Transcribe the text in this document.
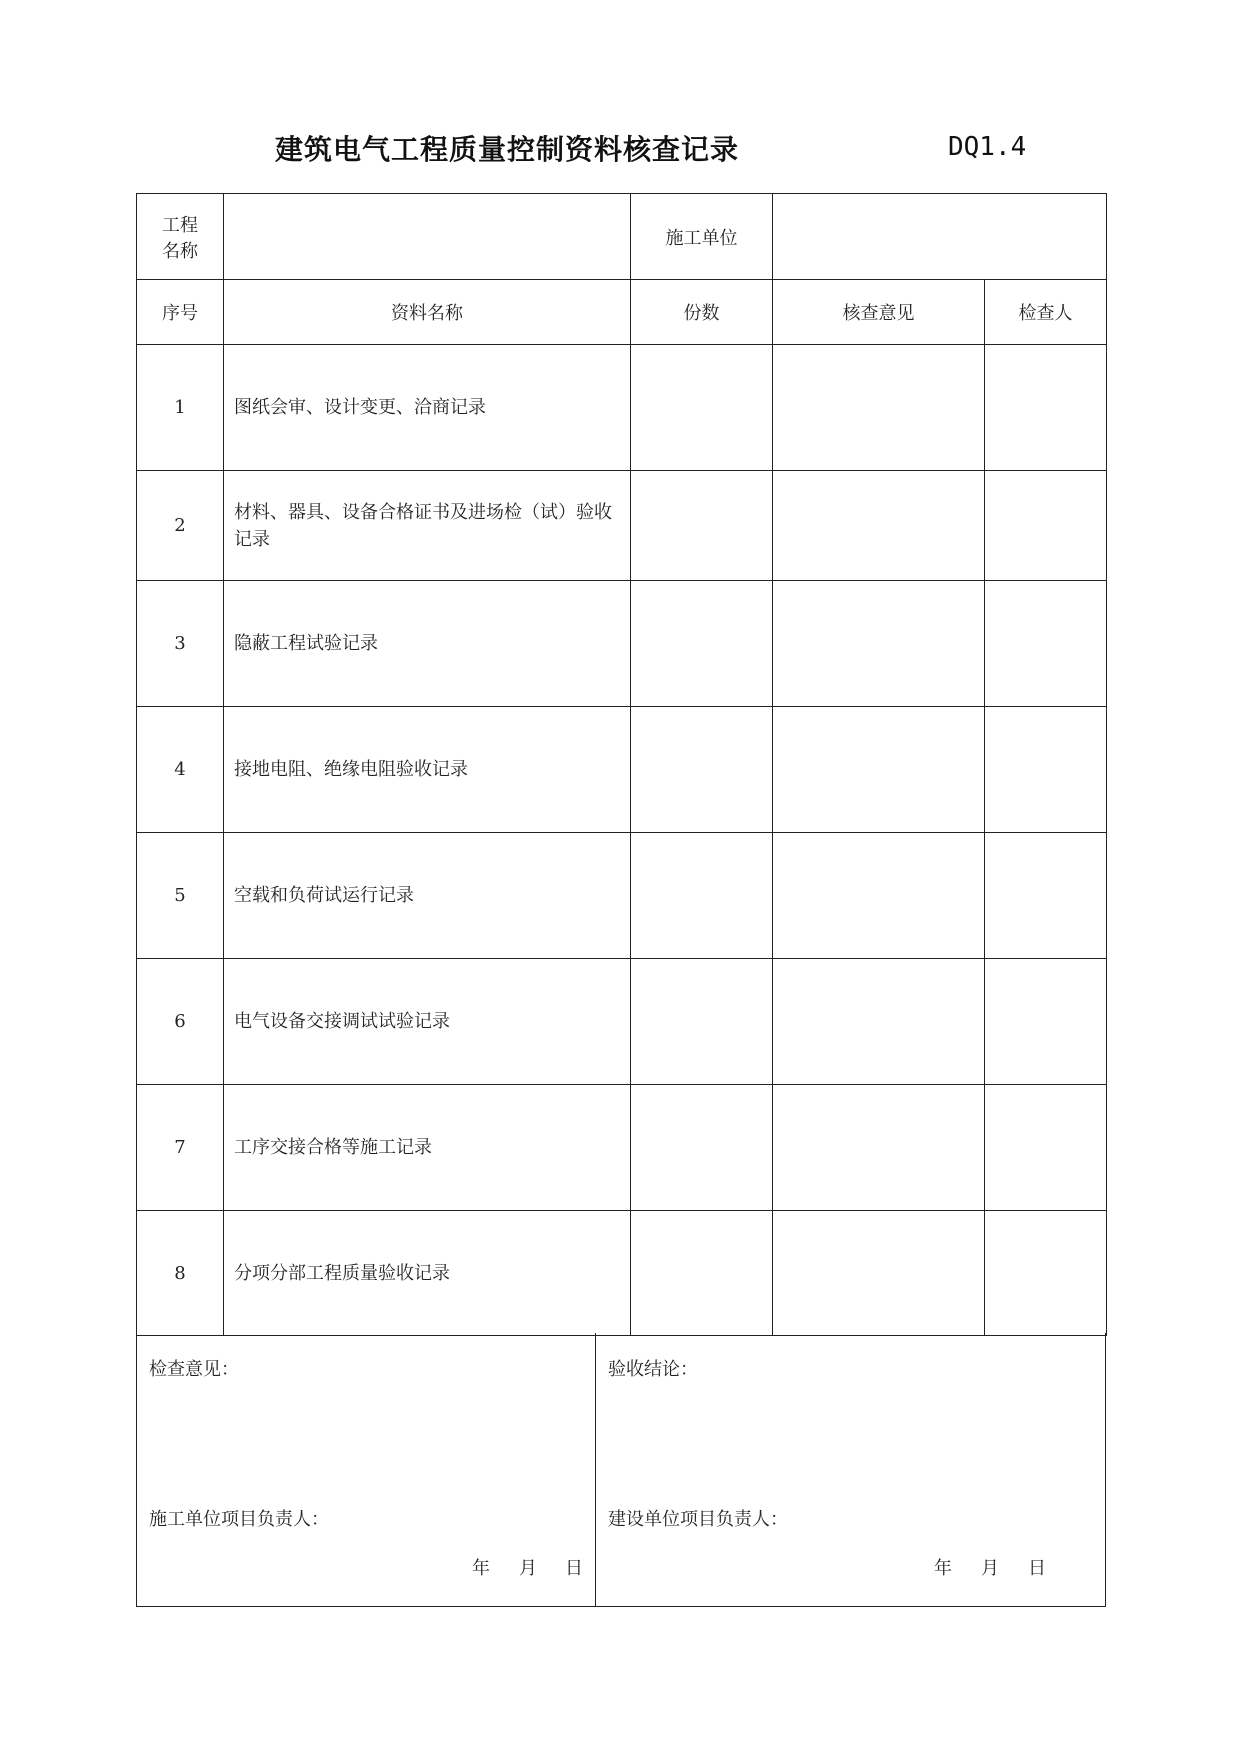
建筑电气工程质量控制资料核查记录	DQ1.4
工程
名称		施工单位		
序号	资料名称	份数	核查意见	检查人
1	图纸会审、设计变更、洽商记录			
2	材料、器具、设备合格证书及进场检（试）验收记录			
3	隐蔽工程试验记录			
4	接地电阻、绝缘电阻验收记录			
5	空载和负荷试运行记录			
6	电气设备交接调试试验记录			
7	工序交接合格等施工记录			
8	分项分部工程质量验收记录			
检查意见：
施工单位项目负责人：
年 月 日
验收结论：
建设单位项目负责人：
年 月 日
